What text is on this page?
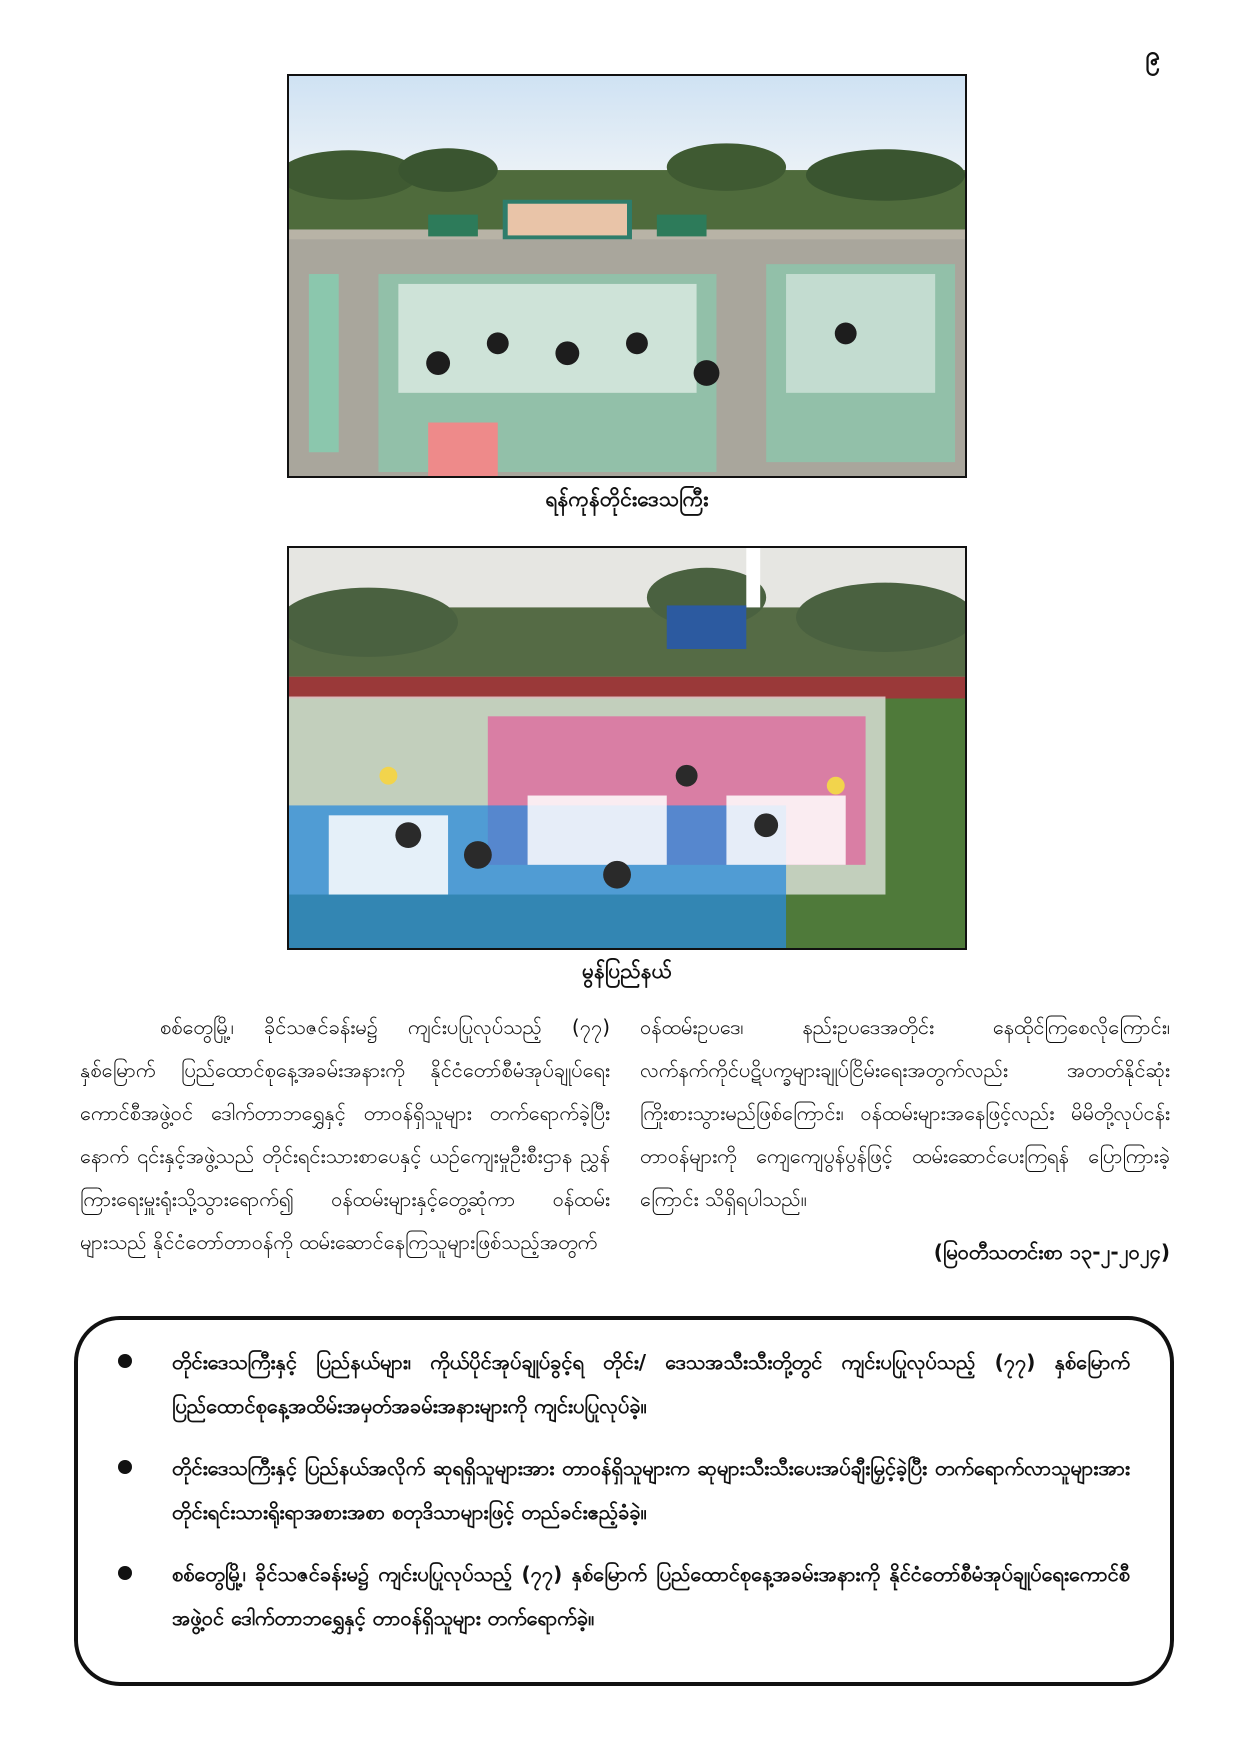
၉
ရန်ကုန်တိုင်းဒေသကြီး
မွန်ပြည်နယ်
စစ်တွေမြို့၊ ခိုင်သဇင်ခန်းမ၌ ကျင်းပပြုလုပ်သည့် (၇၇) နှစ်မြောက် ပြည်ထောင်စုနေ့အခမ်းအနားကို နိုင်ငံတော်စီမံအုပ်ချုပ်ရေးကောင်စီအဖွဲ့ဝင် ဒေါက်တာဘရွှေနှင့် တာဝန်ရှိသူများ တက်ရောက်ခဲ့ပြီးနောက် ၎င်းနှင့်အဖွဲ့သည် တိုင်းရင်းသားစာပေနှင့် ယဉ်ကျေးမှုဦးစီးဌာန ညွှန်ကြားရေးမှူးရုံးသို့သွားရောက်၍ ဝန်ထမ်းများနှင့်တွေ့ဆုံကာ ဝန်ထမ်းများသည် နိုင်ငံတော်တာဝန်ကို ထမ်းဆောင်နေကြသူများဖြစ်သည့်အတွက်
ဝန်ထမ်းဥပဒေ၊ နည်းဥပဒေအတိုင်း နေထိုင်ကြစေလိုကြောင်း၊ လက်နက်ကိုင်ပဋိပက္ခများချုပ်ငြိမ်းရေးအတွက်လည်း အတတ်နိုင်ဆုံး ကြိုးစားသွားမည်ဖြစ်ကြောင်း၊ ဝန်ထမ်းများအနေဖြင့်လည်း မိမိတို့လုပ်ငန်းတာဝန်များကို ကျေကျေပွန်ပွန်ဖြင့် ထမ်းဆောင်ပေးကြရန် ပြောကြားခဲ့ကြောင်း သိရှိရပါသည်။
(မြဝတီသတင်းစာ ၁၃-၂-၂၀၂၄)
တိုင်းဒေသကြီးနှင့် ပြည်နယ်များ၊ ကိုယ်ပိုင်အုပ်ချုပ်ခွင့်ရ တိုင်း/ ဒေသအသီးသီးတို့တွင် ကျင်းပပြုလုပ်သည့် (၇၇) နှစ်မြောက် ပြည်ထောင်စုနေ့အထိမ်းအမှတ်အခမ်းအနားများကို ကျင်းပပြုလုပ်ခဲ့။
တိုင်းဒေသကြီးနှင့် ပြည်နယ်အလိုက် ဆုရရှိသူများအား တာဝန်ရှိသူများက ဆုများသီးသီးပေးအပ်ချီးမြှင့်ခဲ့ပြီး တက်ရောက်လာသူများအား တိုင်းရင်းသားရိုးရာအစားအစာ စတုဒိသာများဖြင့် တည်ခင်းဧည့်ခံခဲ့။
စစ်တွေမြို့၊ ခိုင်သဇင်ခန်းမ၌ ကျင်းပပြုလုပ်သည့် (၇၇) နှစ်မြောက် ပြည်ထောင်စုနေ့အခမ်းအနားကို နိုင်ငံတော်စီမံအုပ်ချုပ်ရေးကောင်စီအဖွဲ့ဝင် ဒေါက်တာဘရွှေနှင့် တာဝန်ရှိသူများ တက်ရောက်ခဲ့။
